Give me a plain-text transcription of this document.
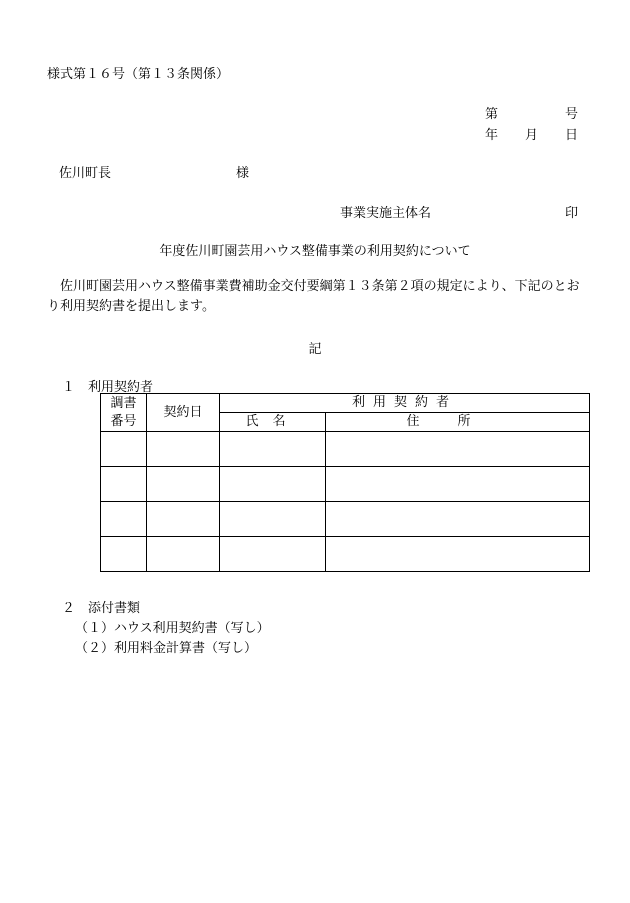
様式第１６号（第１３条関係）
第	号
年 月 日
佐川町長	様
事業実施主体名	印
年度佐川町園芸用ハウス整備事業の利用契約について
佐川町園芸用ハウス整備事業費補助金交付要綱第１３条第２項の規定により、下記のとおり利用契約書を提出します。
記
１　利用契約者
調書
番号	契約日	利用契約者	
		氏名	住所

２　添付書類
（１）ハウス利用契約書（写し）
（２）利用料金計算書（写し）
